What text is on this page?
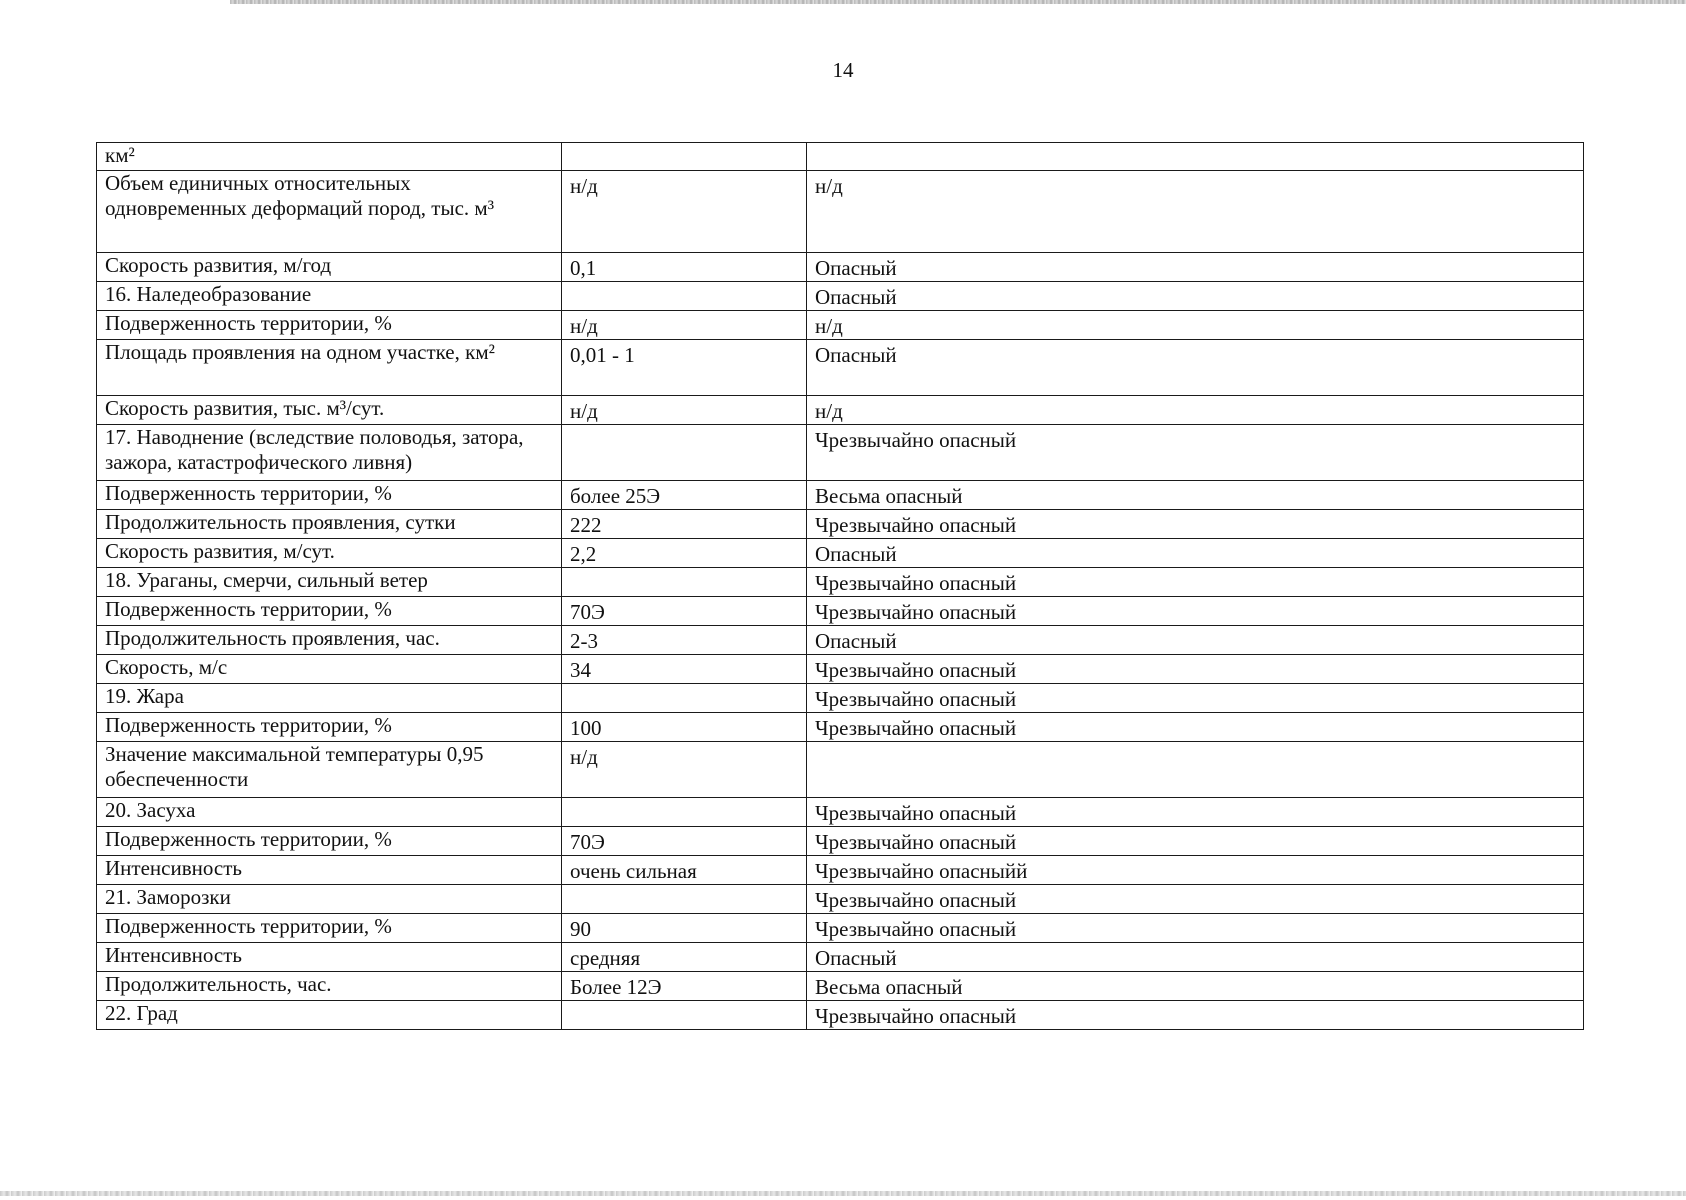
14
км²		
Объем единичных относительных одновременных деформаций пород, тыс. м³	н/д	н/д
Скорость развития, м/год	0,1	Опасный
16. Наледеобразование		Опасный
Подверженность территории, %	н/д	н/д
Площадь проявления на одном участке, км²	0,01 - 1	Опасный
Скорость развития, тыс. м³/сут.	н/д	н/д
17. Наводнение (вследствие половодья, затора, зажора, катастрофического ливня)		Чрезвычайно опасный
Подверженность территории, %	более 25Э	Весьма опасный
Продолжительность проявления, сутки	222	Чрезвычайно опасный
Скорость развития, м/сут.	2,2	Опасный
18. Ураганы, смерчи, сильный ветер		Чрезвычайно опасный
Подверженность территории, %	70Э	Чрезвычайно опасный
Продолжительность проявления, час.	2-3	Опасный
Скорость, м/с	34	Чрезвычайно опасный
19. Жара		Чрезвычайно опасный
Подверженность территории, %	100	Чрезвычайно опасный
Значение максимальной температуры 0,95 обеспеченности	н/д	
20. Засуха		Чрезвычайно опасный
Подверженность территории, %	70Э	Чрезвычайно опасный
Интенсивность	очень сильная	Чрезвычайно опасныйй
21. Заморозки		Чрезвычайно опасный
Подверженность территории, %	90	Чрезвычайно опасный
Интенсивность	средняя	Опасный
Продолжительность, час.	Более 12Э	Весьма опасный
22. Град		Чрезвычайно опасный
